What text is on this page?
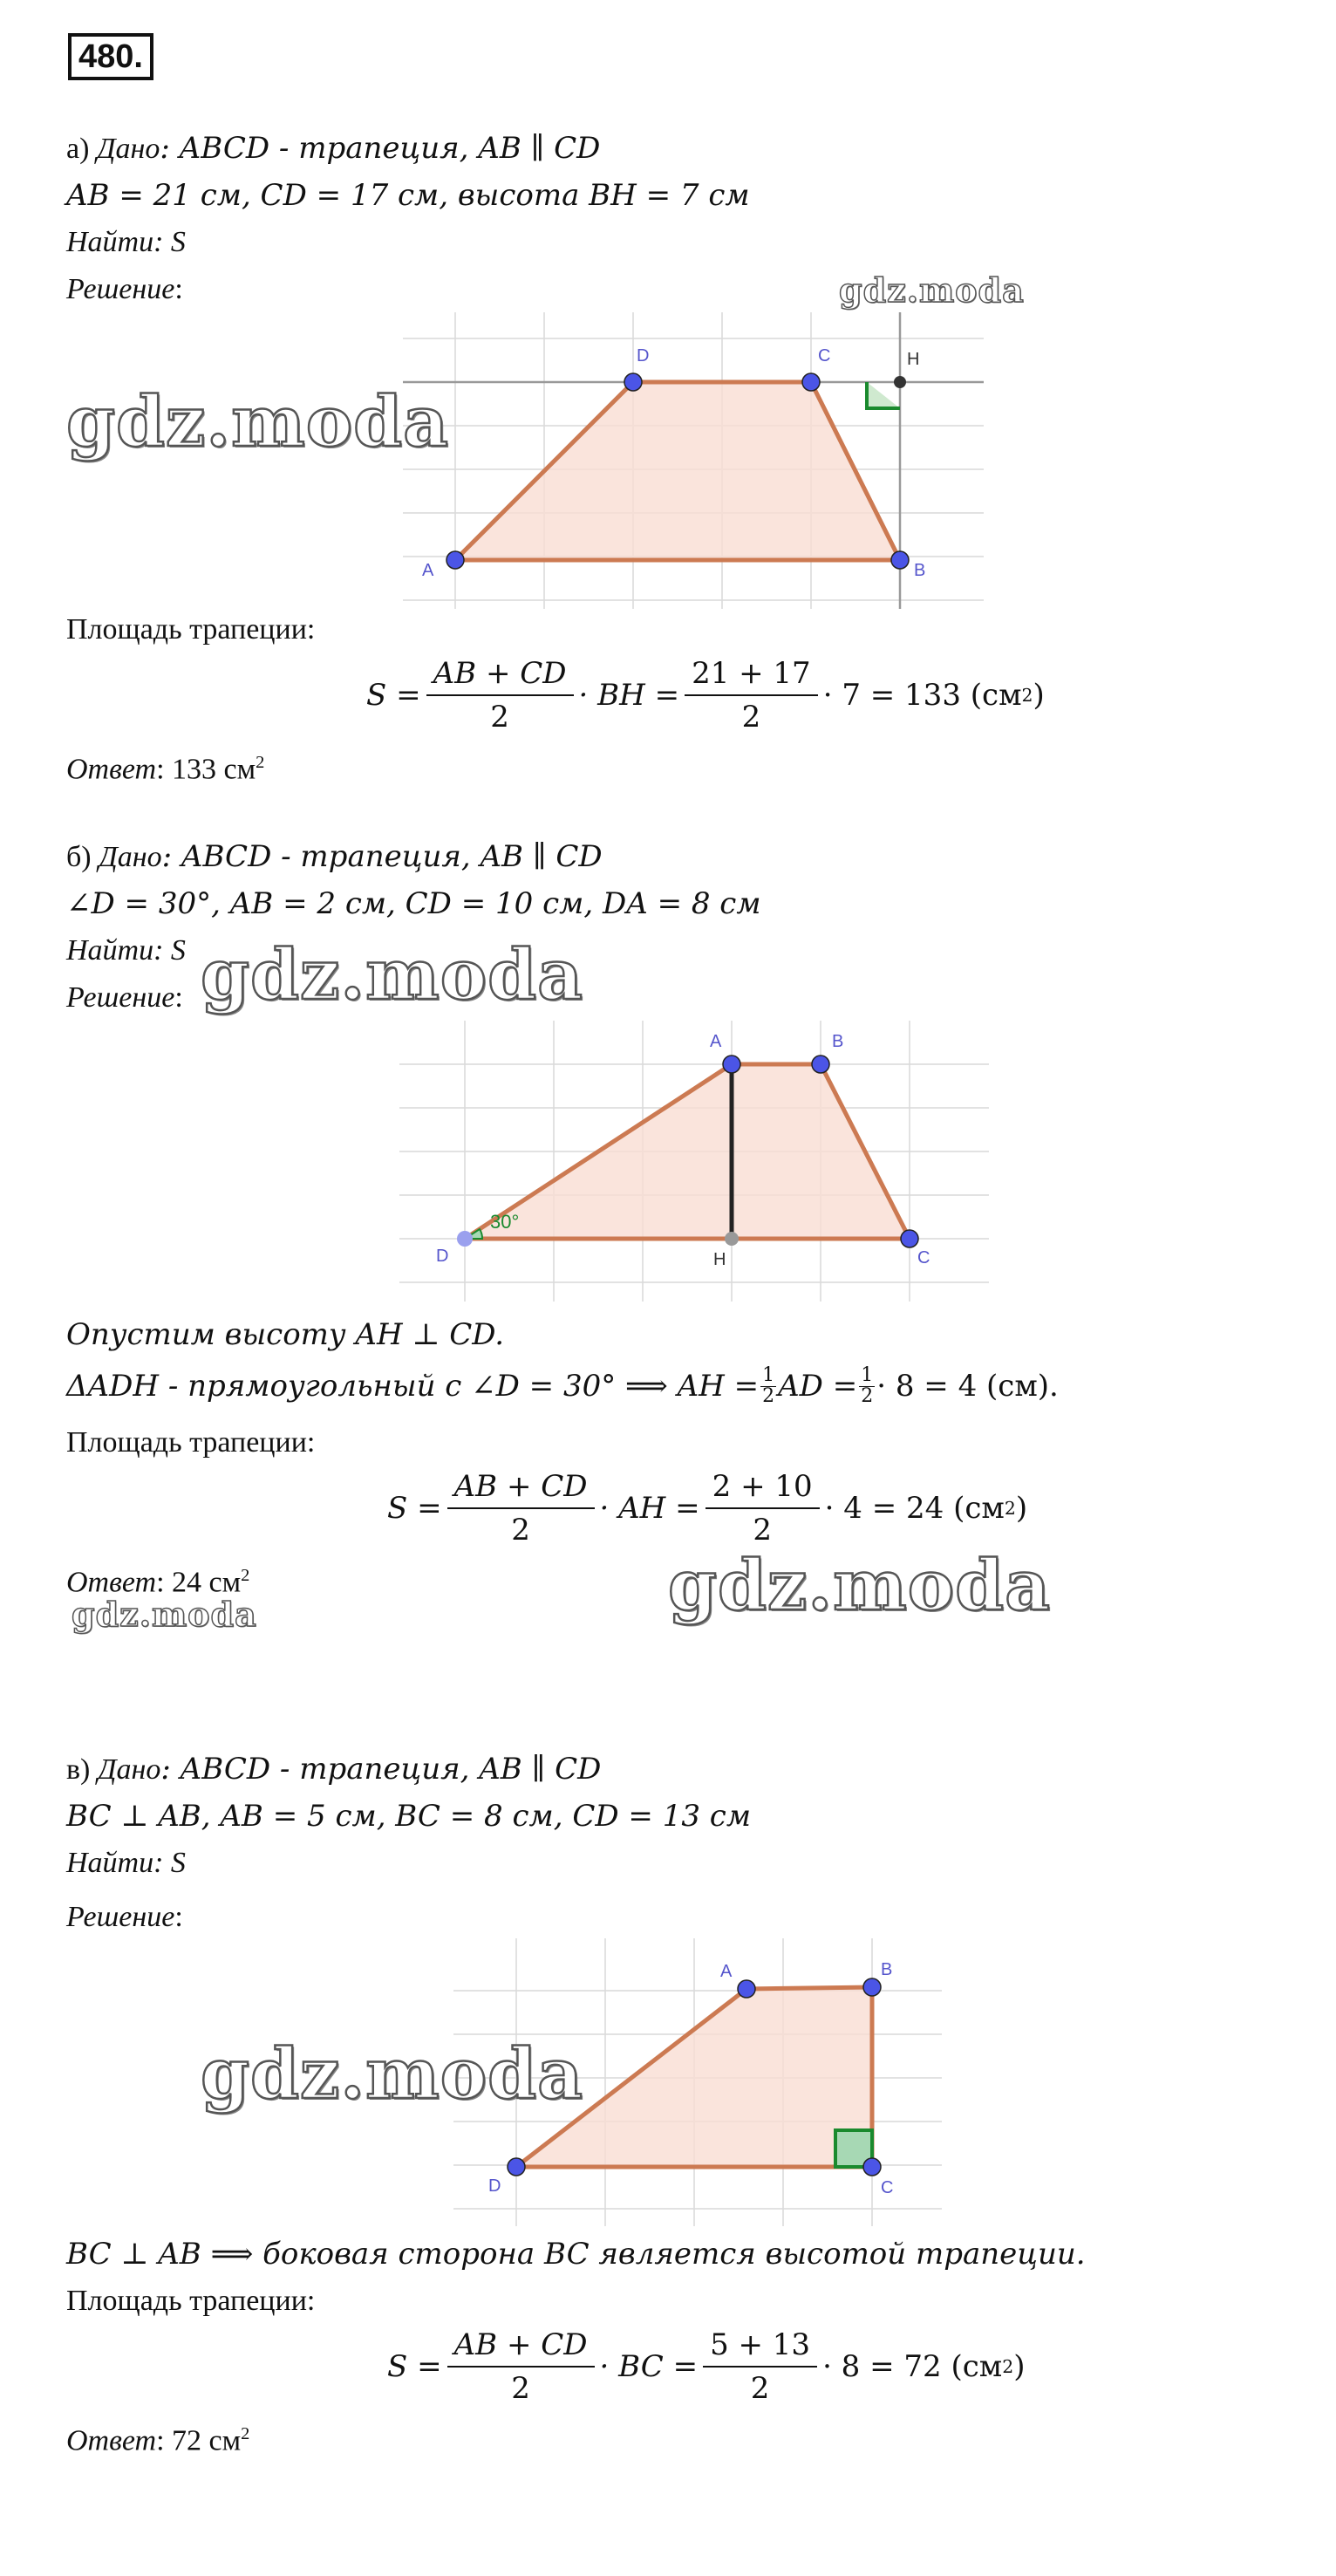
480.
а) Дано: ABCD - трапеция, AB ∥ CD
AB = 21 см, CD = 17 см, высота BH = 7 см
Найти: S
Решение:
A
D	C
B
H
gdz.moda
gdz.moda
Площадь трапеции:
$S = \frac{AB + CD}{2}$ · BH = $\frac{21 + 17}{2} \cdot 7 = 133$ (см 2 )
Ответ: 133 $см^2$
б) Дано: ABCD - трапеция, AB ∥ CD
∠D = 30°, AB = 2 см, CD = 10 см, DA = 8 см
Найти: S
Решение: gdz.moda
30°
D
A	B
C
H
Опустим высоту AH ⊥ CD.
ΔADH - прямоугольный с ∠D = 30° ⟹ AH = $\frac{1}{2}$ AD = $\frac{1}{2} \cdot 8 = 4$ (см).
Площадь трапеции:
$S = \frac{AB + CD}{2}$ · AH = $\frac{2 + 10}{2} \cdot 4 = 24$ (см 2 )
Ответ: 24 $см^2$
gdz.moda	gdz.moda
в) Дано: ABCD - трапеция, AB ∥ CD
BC ⊥ AB, AB = 5 см, BC = 8 см, CD = 13 см
Найти: S
Решение:
D
A	B
C
gdz.moda
BC ⊥ AB ⟹ боковая сторона BC является высотой трапеции.
Площадь трапеции:
$S = \frac{AB + CD}{2}$ · BC = $\frac{5 + 13}{2} \cdot 8 = 72$ (см 2 )
Ответ: 72 $см^2$
